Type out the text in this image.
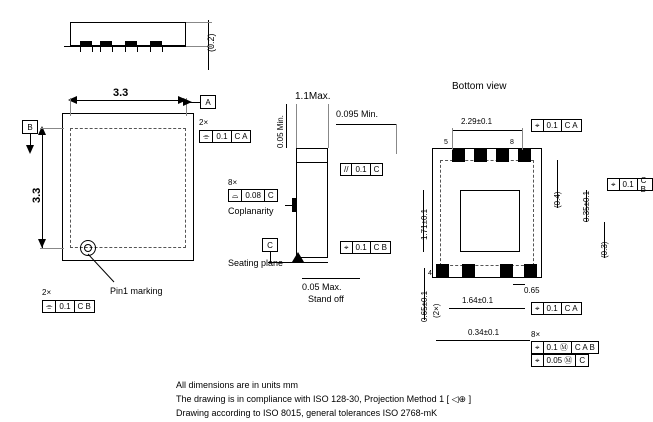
(0.2)
Pin1 marking
3.3
3.3
A
B	2×
⌯ 0.1 C A
2×
⌯ 0.1 C B
1.1Max.
0.05 Min.
0.095 Min.
8×
⌓ 0.08 C
Coplanarity
// 0.1 C
C
Seating plane
⌖ 0.1 C B
0.05 Max.
Stand off
Bottom view
5	8
4	1
2.29±0.1	⌖ 0.1 C A
1.71±0.1
0.65±0.1 (2×)
(0.4)	0.35±0.1
(0.3)
⌖ 0.1 C B
0.65
1.64±0.1
⌖ 0.1 C A
0.34±0.1	8×
⌖ 0.1 Ⓜ C A B
⌖ 0.05 Ⓜ C
All dimensions are in units mm
The drawing is in compliance with ISO 128-30, Projection Method 1 [ ◁⊕ ]
Drawing according to ISO 8015, general tolerances ISO 2768-mK
